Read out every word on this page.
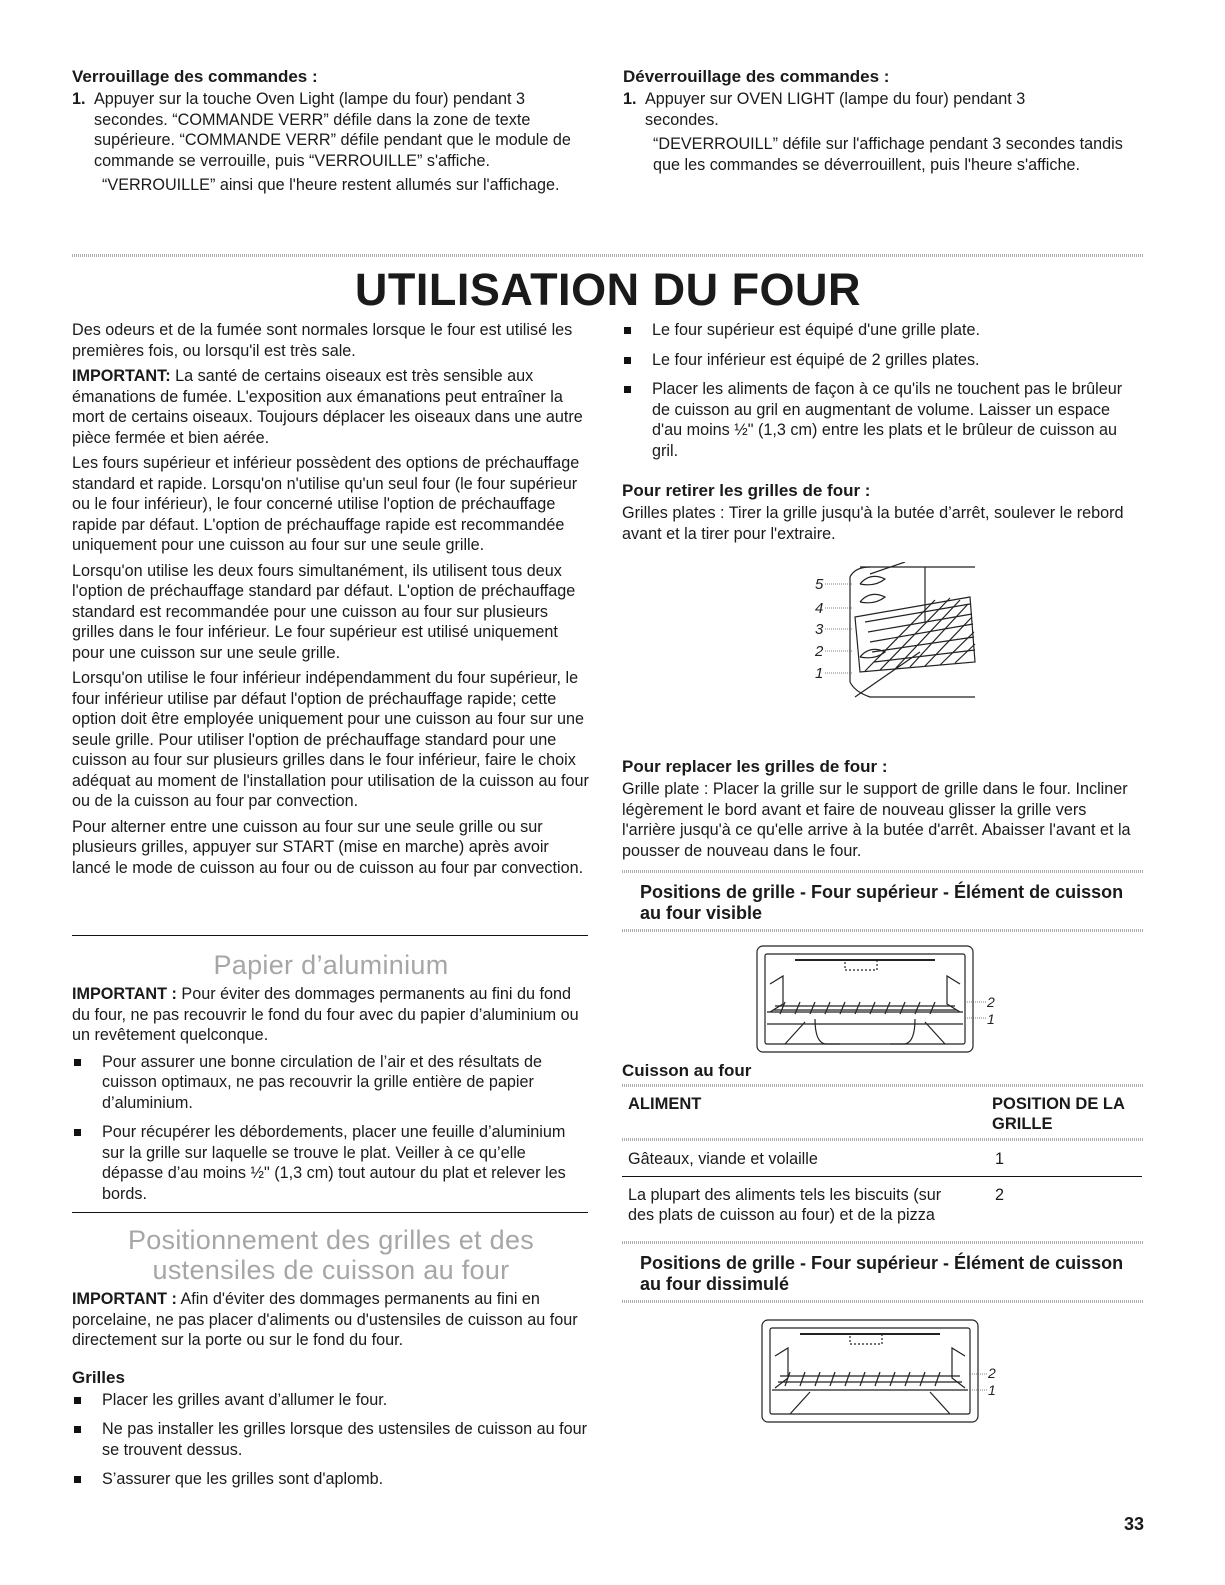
Verrouillage des commandes :
1. Appuyer sur la touche Oven Light (lampe du four) pendant 3 secondes. “COMMANDE VERR” défile dans la zone de texte supérieure. “COMMANDE VERR” défile pendant que le module de commande se verrouille, puis “VERROUILLE” s'affiche.
“VERROUILLE” ainsi que l'heure restent allumés sur l'affichage.
Déverrouillage des commandes :
1. Appuyer sur OVEN LIGHT (lampe du four) pendant 3 secondes.
“DEVERROUILL” défile sur l'affichage pendant 3 secondes tandis que les commandes se déverrouillent, puis l'heure s'affiche.
UTILISATION DU FOUR

Des odeurs et de la fumée sont normales lorsque le four est utilisé les premières fois, ou lorsqu'il est très sale.

IMPORTANT: La santé de certains oiseaux est très sensible aux émanations de fumée. L'exposition aux émanations peut entraîner la mort de certains oiseaux. Toujours déplacer les oiseaux dans une autre pièce fermée et bien aérée.

Les fours supérieur et inférieur possèdent des options de préchauffage standard et rapide. Lorsqu'on n'utilise qu'un seul four (le four supérieur ou le four inférieur), le four concerné utilise l'option de préchauffage rapide par défaut. L'option de préchauffage rapide est recommandée uniquement pour une cuisson au four sur une seule grille.

Lorsqu'on utilise les deux fours simultanément, ils utilisent tous deux l'option de préchauffage standard par défaut. L'option de préchauffage standard est recommandée pour une cuisson au four sur plusieurs grilles dans le four inférieur. Le four supérieur est utilisé uniquement pour une cuisson sur une seule grille.

Lorsqu'on utilise le four inférieur indépendamment du four supérieur, le four inférieur utilise par défaut l'option de préchauffage rapide; cette option doit être employée uniquement pour une cuisson au four sur une seule grille. Pour utiliser l'option de préchauffage standard pour une cuisson au four sur plusieurs grilles dans le four inférieur, faire le choix adéquat au moment de l'installation pour utilisation de la cuisson au four ou de la cuisson au four par convection.

Pour alterner entre une cuisson au four sur une seule grille ou sur plusieurs grilles, appuyer sur START (mise en marche) après avoir lancé le mode de cuisson au four ou de cuisson au four par convection.

Papier d’aluminium

IMPORTANT : Pour éviter des dommages permanents au fini du fond du four, ne pas recouvrir le fond du four avec du papier d’aluminium ou un revêtement quelconque.

Pour assurer une bonne circulation de l’air et des résultats de cuisson optimaux, ne pas recouvrir la grille entière de papier d’aluminium.
Pour récupérer les débordements, placer une feuille d’aluminium sur la grille sur laquelle se trouve le plat. Veiller à ce qu’elle dépasse d’au moins ½" (1,3 cm) tout autour du plat et relever les bords.
Positionnement des grilles et des
ustensiles de cuisson au four

IMPORTANT : Afin d'éviter des dommages permanents au fini en porcelaine, ne pas placer d'aliments ou d'ustensiles de cuisson au four directement sur la porte ou sur le fond du four.

Grilles
Placer les grilles avant d’allumer le four.
Ne pas installer les grilles lorsque des ustensiles de cuisson au four se trouvent dessus.
S’assurer que les grilles sont d'aplomb.
Le four supérieur est équipé d'une grille plate.
Le four inférieur est équipé de 2 grilles plates.
Placer les aliments de façon à ce qu'ils ne touchent pas le brûleur de cuisson au gril en augmentant de volume. Laisser un espace d'au moins ½" (1,3 cm) entre les plats et le brûleur de cuisson au gril.
Pour retirer les grilles de four :

Grilles plates : Tirer la grille jusqu'à la butée d’arrêt, soulever le rebord avant et la tirer pour l'extraire.

5
4
3
2
1
Pour replacer les grilles de four :

Grille plate : Placer la grille sur le support de grille dans le four. Incliner légèrement le bord avant et faire de nouveau glisser la grille vers l'arrière jusqu'à ce qu'elle arrive à la butée d'arrêt. Abaisser l'avant et la pousser de nouveau dans le four.

Positions de grille - Four supérieur - Élément de cuisson
au four visible
2
1
Cuisson au four
ALIMENT	POSITION DE LA
GRILLE
Gâteaux, viande et volaille	1
La plupart des aliments tels les biscuits (sur
des plats de cuisson au four) et de la pizza
2
Positions de grille - Four supérieur - Élément de cuisson
au four dissimulé
2
1
33
